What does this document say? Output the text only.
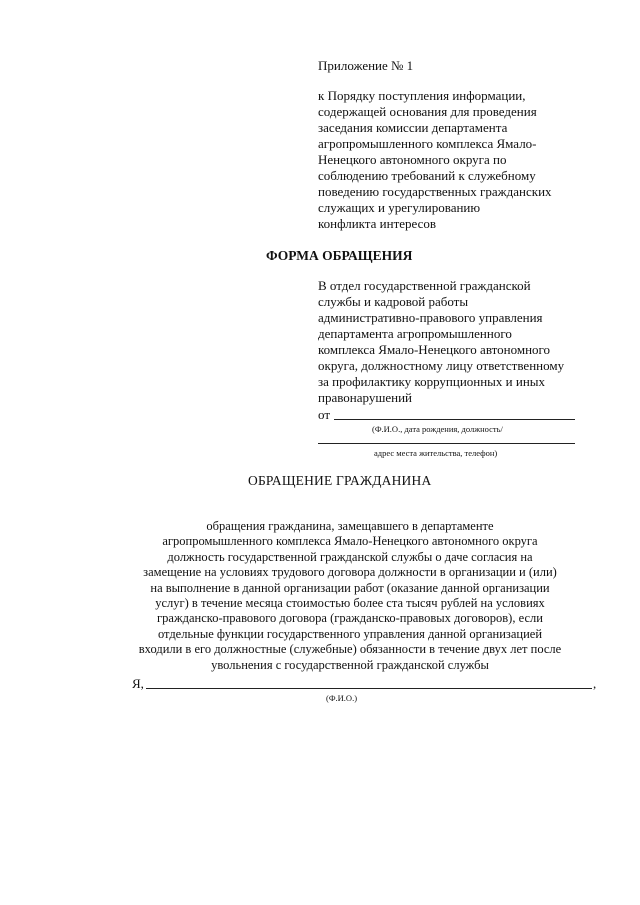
Приложение № 1
к Порядку поступления информации,
содержащей основания для проведения
заседания комиссии департамента
агропромышленного комплекса Ямало-
Ненецкого автономного округа по
соблюдению требований к служебному
поведению государственных гражданских
служащих и урегулированию
конфликта интересов
ФОРМА ОБРАЩЕНИЯ
В отдел государственной гражданской
службы и кадровой работы
административно-правового управления
департамента агропромышленного
комплекса Ямало-Ненецкого автономного
округа, должностному лицу ответственному
за профилактику коррупционных и иных
правонарушений
от
(Ф.И.О., дата рождения, должность/
адрес места жительства, телефон)
ОБРАЩЕНИЕ ГРАЖДАНИНА
обращения гражданина, замещавшего в департаменте
агропромышленного комплекса Ямало-Ненецкого автономного округа
должность государственной гражданской службы о даче согласия на
замещение на условиях трудового договора должности в организации и (или)
на выполнение в данной организации работ (оказание данной организации
услуг) в течение месяца стоимостью более ста тысяч рублей на условиях
гражданско-правового договора (гражданско-правовых договоров), если
отдельные функции государственного управления данной организацией
входили в его должностные (служебные) обязанности в течение двух лет после
увольнения с государственной гражданской службы
Я,	,
(Ф.И.О.)
